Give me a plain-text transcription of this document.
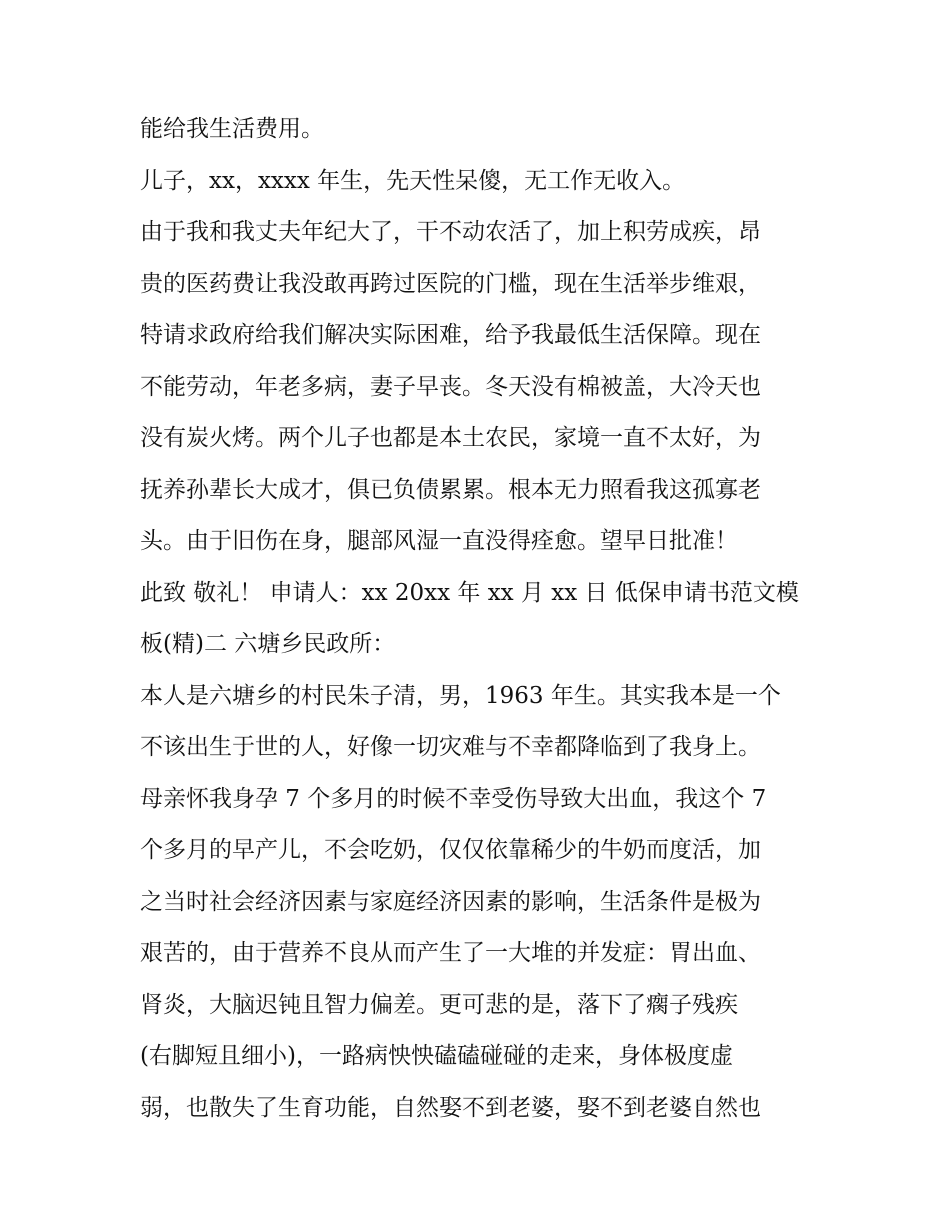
能给我生活费用。
儿子，xx，xxxx 年生，先天性呆傻，无工作无收入。
由于我和我丈夫年纪大了，干不动农活了，加上积劳成疾，昂
贵的医药费让我没敢再跨过医院的门槛，现在生活举步维艰，
特请求政府给我们解决实际困难，给予我最低生活保障。现在
不能劳动，年老多病，妻子早丧。冬天没有棉被盖，大冷天也
没有炭火烤。两个儿子也都是本土农民，家境一直不太好，为
抚养孙辈长大成才，俱已负债累累。根本无力照看我这孤寡老
头。由于旧伤在身，腿部风湿一直没得痊愈。望早日批准！
此致 敬礼！ 申请人：xx 20xx 年 xx 月 xx 日 低保申请书范文模
板(精)二 六塘乡民政所：
本人是六塘乡的村民朱子清，男，1963 年生。其实我本是一个
不该出生于世的人，好像一切灾难与不幸都降临到了我身上。
母亲怀我身孕 7 个多月的时候不幸受伤导致大出血，我这个 7
个多月的早产儿，不会吃奶，仅仅依靠稀少的牛奶而度活，加
之当时社会经济因素与家庭经济因素的影响，生活条件是极为
艰苦的，由于营养不良从而产生了一大堆的并发症：胃出血、
肾炎，大脑迟钝且智力偏差。更可悲的是，落下了瘸子残疾
(右脚短且细小)，一路病怏怏磕磕碰碰的走来，身体极度虚
弱，也散失了生育功能，自然娶不到老婆，娶不到老婆自然也
